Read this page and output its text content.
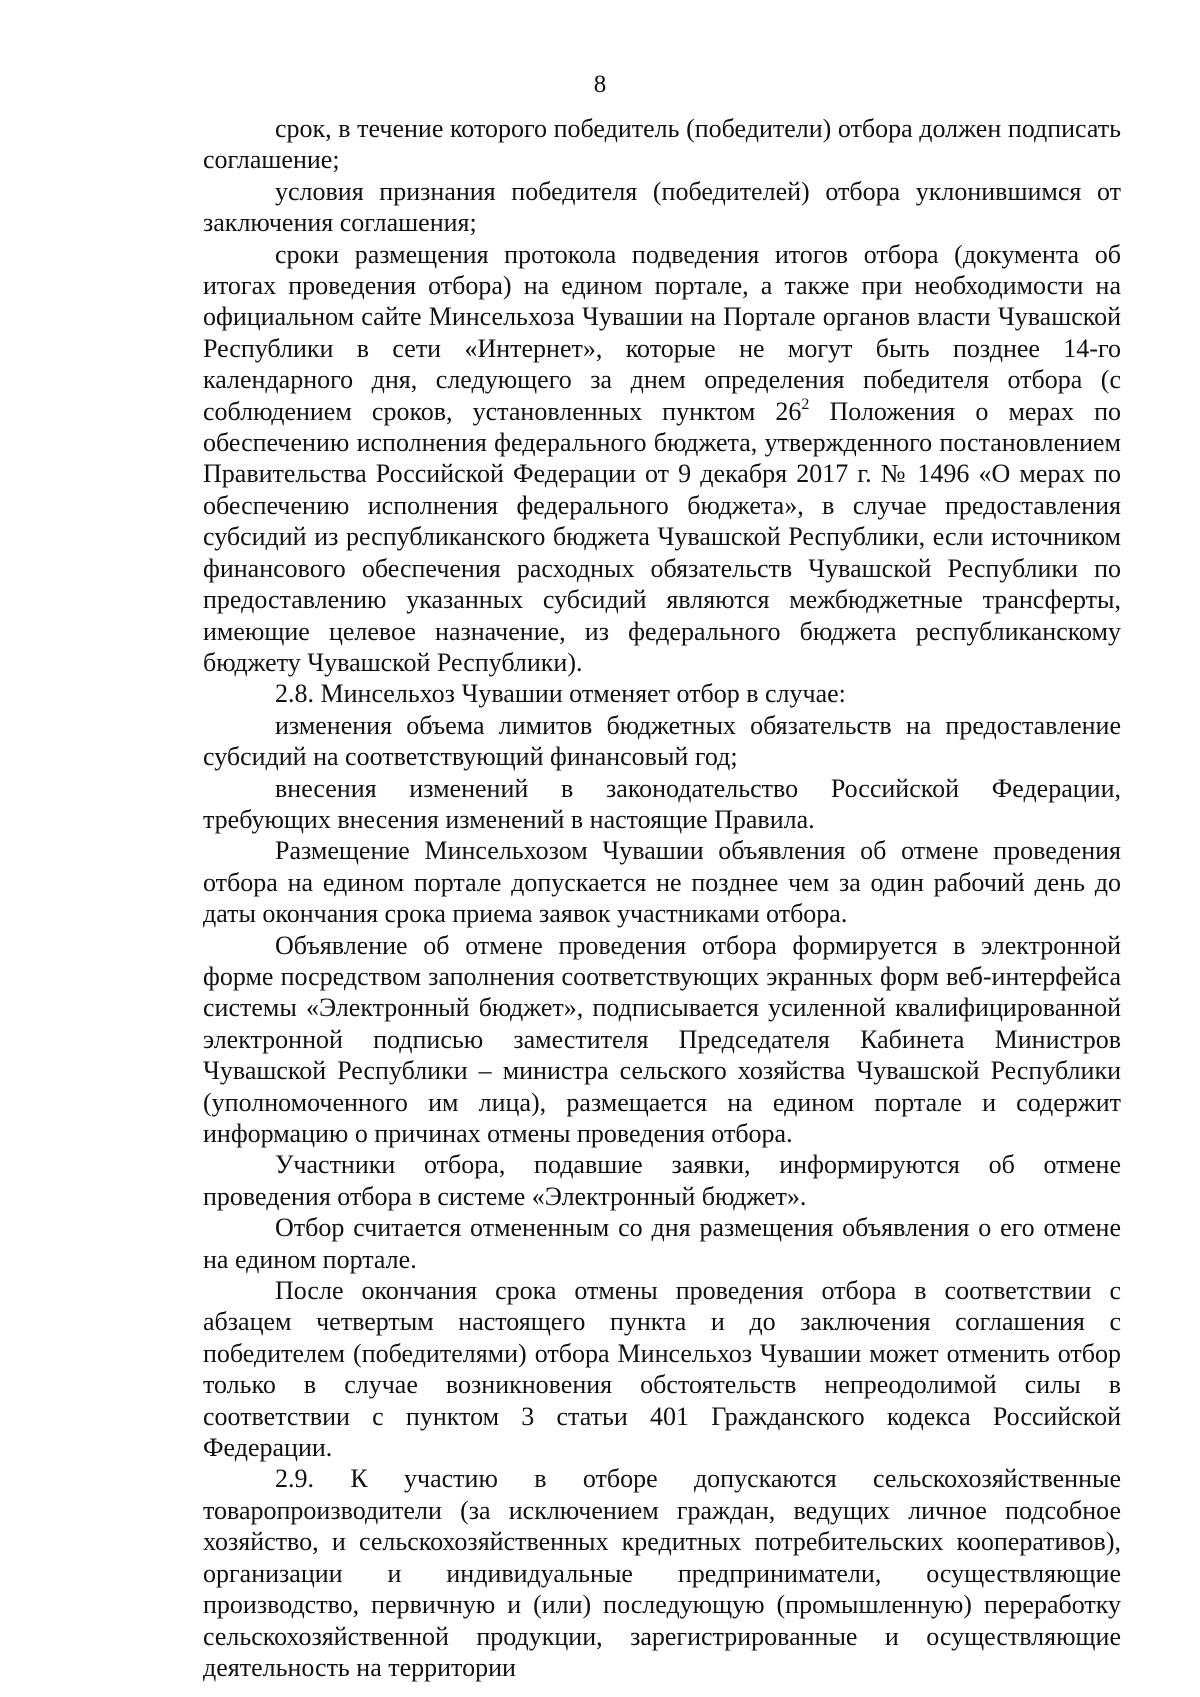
8

срок, в течение которого победитель (победители) отбора должен подписать соглашение;

условия признания победителя (победителей) отбора уклонившимся от заключения соглашения;

сроки размещения протокола подведения итогов отбора (документа об итогах проведения отбора) на едином портале, а также при необходимости на официальном сайте Минсельхоза Чувашии на Портале органов власти Чувашской Республики в сети «Интернет», которые не могут быть позднее 14-го календарного дня, следующего за днем определения победителя отбора (с соблюдением сроков, установленных пунктом $26^2$ Положения о мерах по обеспечению исполнения федерального бюджета, утвержденного постановлением Правительства Российской Федерации от 9 декабря 2017 г. № 1496 «О мерах по обеспечению исполнения федерального бюджета», в случае предоставления субсидий из республиканского бюджета Чувашской Республики, если источником финансового обеспечения расходных обязательств Чувашской Республики по предоставлению указанных субсидий являются межбюджетные трансферты, имеющие целевое назначение, из федерального бюджета республиканскому бюджету Чувашской Республики).

2.8. Минсельхоз Чувашии отменяет отбор в случае:

изменения объема лимитов бюджетных обязательств на предоставление субсидий на соответствующий финансовый год;

внесения изменений в законодательство Российской Федерации, требующих внесения изменений в настоящие Правила.

Размещение Минсельхозом Чувашии объявления об отмене проведения отбора на едином портале допускается не позднее чем за один рабочий день до даты окончания срока приема заявок участниками отбора.

Объявление об отмене проведения отбора формируется в электронной форме посредством заполнения соответствующих экранных форм веб-интерфейса системы «Электронный бюджет», подписывается усиленной квалифицированной электронной подписью заместителя Председателя Кабинета Министров Чувашской Республики – министра сельского хозяйства Чувашской Республики (уполномоченного им лица), размещается на едином портале и содержит информацию о причинах отмены проведения отбора.

Участники отбора, подавшие заявки, информируются об отмене проведения отбора в системе «Электронный бюджет».

Отбор считается отмененным со дня размещения объявления о его отмене на едином портале.

После окончания срока отмены проведения отбора в соответствии с абзацем четвертым настоящего пункта и до заключения соглашения с победителем (победителями) отбора Минсельхоз Чувашии может отменить отбор только в случае возникновения обстоятельств непреодолимой силы в соответствии с пунктом 3 статьи 401 Гражданского кодекса Российской Федерации.

2.9. К участию в отборе допускаются сельскохозяйственные товаропроизводители (за исключением граждан, ведущих личное подсобное хозяйство, и сельскохозяйственных кредитных потребительских кооперативов), организации и индивидуальные предприниматели, осуществляющие производство, первичную и (или) последующую (промышленную) переработку сельскохозяйственной продукции, зарегистрированные и осуществляющие деятельность на территории
